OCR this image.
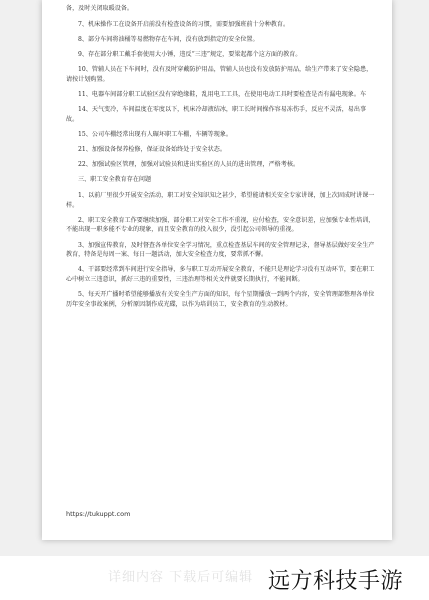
备，及时关闭取暖设备。

7、机床操作工在设备开启前没有检查设备的习惯，需要加强班前十分种教育。

8、部分车间将油桶等易燃物存在车间，没有放到指定的安全位置。

9、存在部分职工戴手套使用大小锤，违反“三违”规定，要梁起都个这方面的教育。

10、管辅人员在下车间时，没有及时穿戴防护用品，管辅人员也没有发放防护用品，给生产带来了安全隐患，请按计划购置。

11、电器车间部分职工试验区没有穿绝缘鞋，乱用电工工具，在使用电动工具时要检查是否有漏电现象。车

14、天气变冷，车间温度在零度以下，机床冷却液结冰，职工长时间操作容易冻伤手，反应不灵活，易出事故。

15、公司车棚经常出现有人碾坏职工车棚，车辆等现象。

21、加强设备保养检修，保证设备始终处于安全状态。

22、加强试验区管理，加强对试验员和进出实验区的人员的进出管理，严格考核。

三、职工安全教育存在问题

1、以前厂里很少开展安全活动，职工对安全知识知之甚少，希望能请相关安全专家讲课，加上次固成时讲课一样。

2、职工安全教育工作要继续加强，部分职工对安全工作不重视，应付检查，安全意识差，应加强专业性培训，不能出现一职多能不专业的现象，而且安全教育的投入很少，没引起公司领导的重视。

3、加强宣传教育，及时督查各单位安全学习情况，重点检查基层车间的安全管理记录，督导基层做好安全生产教育，特备是每周一案、每日一题活动，加大安全检查力度，要常抓不懈。

4、干部要经常到车间进行安全指导，多与职工互动开展安全教育，不能只是理论学习没有互动环节，要在职工心中树立三违意识，抓好三违的重要性，三违治理等相关文件就要长期执行，不能间断。

5、每天开广播时希望能够播放有关安全生产方面的知识，每个星期播放一到两个内容，安全管理部整理各单位历年安全事故案例，分析原因制作成光碟，以作为培训员工，安全教育的生动教材。

https://tukuppt.com
详细内容 下载后可编辑 远方科技手游
